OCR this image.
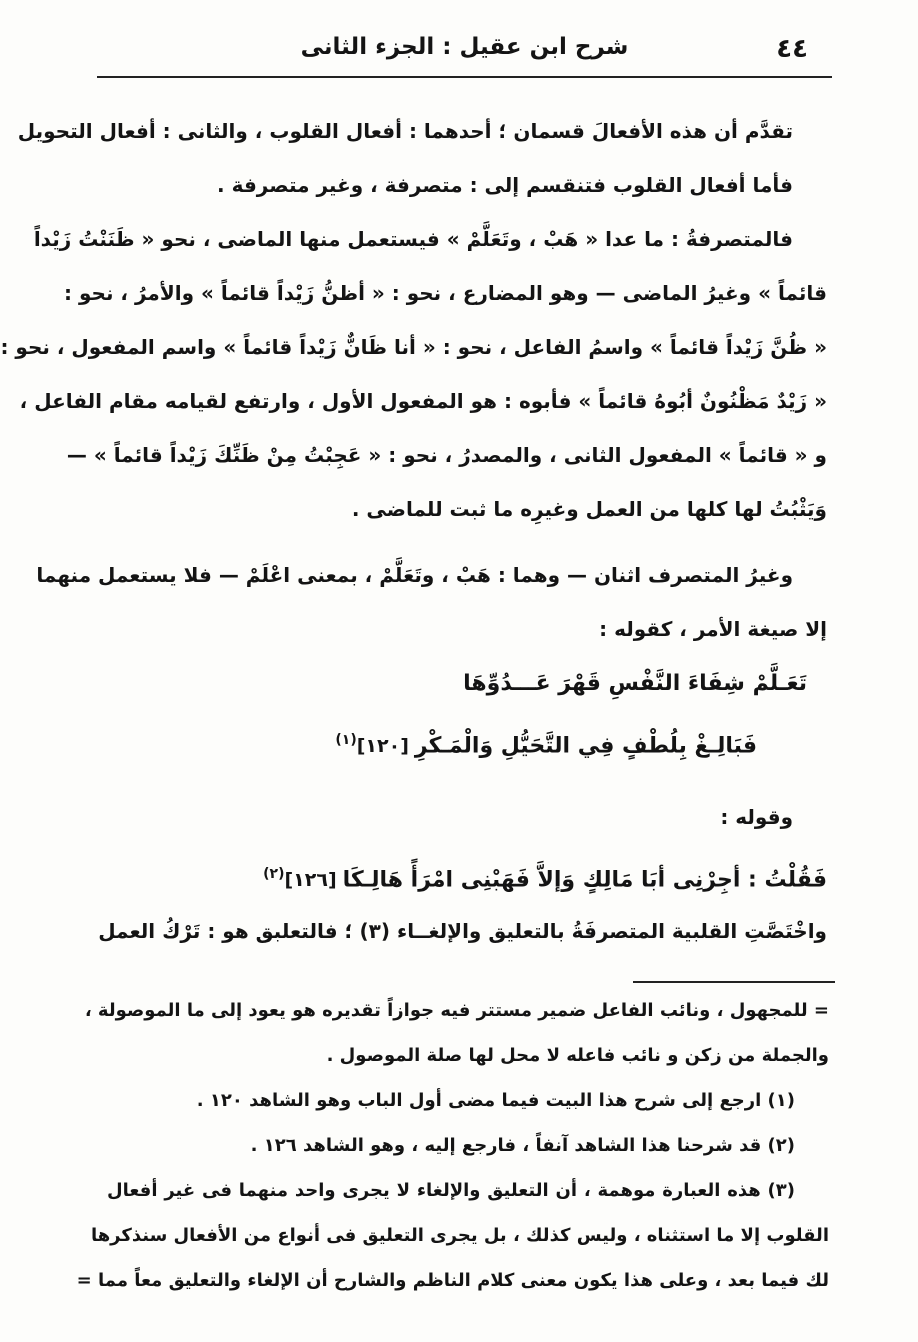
٤٤
شرح ابن عقيل : الجزء الثانى
تقدَّم أن هذه الأفعالَ قسمان ؛ أحدهما : أفعال القلوب ، والثانى : أفعال التحويل
فأما أفعال القلوب فتنقسم إلى : متصرفة ، وغير متصرفة .
فالمتصرفةُ : ما عدا « هَبْ ، وتَعَلَّمْ » فيستعمل منها الماضى ، نحو « ظَنَنْتُ زَيْداً
قائماً » وغيرُ الماضى — وهو المضارع ، نحو : « أظنُّ زَيْداً قائماً » والأمرُ ، نحو :
« ظُنَّ زَيْداً قائماً » واسمُ الفاعل ، نحو : « أنا ظَانٌّ زَيْداً قائماً » واسم المفعول ، نحو :
« زَيْدٌ مَظْنُونٌ أبُوهُ قائماً » فأبوه : هو المفعول الأول ، وارتفع لقيامه مقام الفاعل ،
و « قائماً » المفعول الثانى ، والمصدرُ ، نحو : « عَجِبْتُ مِنْ ظَنِّكَ زَيْداً قائماً » —
وَيَثْبُتُ لها كلها من العمل وغيرِه ما ثبت للماضى .
وغيرُ المتصرف اثنان — وهما : هَبْ ، وتَعَلَّمْ ، بمعنى اعْلَمْ — فلا يستعمل منهما
إلا صيغة الأمر ، كقوله :
تَعَـلَّمْ شِفَاءَ النَّفْسِ قَهْرَ عَـــدُوِّهَا
فَبَالِـغْ بِلُطْفٍ فِي التَّحَيُّلِ وَالْمَـكْرِ[١٢٠]$^{(١)}$
وقوله :
فَقُلْتُ : أجِرْنِى أبَا مَالِكٍ وَإلاَّ فَهَبْنِى امْرَأً هَالِـكَا[١٢٦]$^{(٢)}$
واخْتَصَّتِ القلبية المتصرفَةُ بالتعليق والإلغــاء (٣) ؛ فالتعلبق هو : تَرْكُ العمل
= للمجهول ، ونائب الفاعل ضمير مستتر فيه جوازاً تقديره هو يعود إلى ما الموصولة ،
والجملة من زكن و نائب فاعله لا محل لها صلة الموصول .
(١) ارجع إلى شرح هذا البيت فيما مضى أول الباب وهو الشاهد ١٢٠ .
(٢) قد شرحنا هذا الشاهد آنفاً ، فارجع إليه ، وهو الشاهد ١٢٦ .
(٣) هذه العبارة موهمة ، أن التعليق والإلغاء لا يجرى واحد منهما فى غير أفعال
القلوب إلا ما استثناه ، وليس كذلك ، بل يجرى التعليق فى أنواع من الأفعال سنذكرها
لك فيما بعد ، وعلى هذا يكون معنى كلام الناظم والشارح أن الإلغاء والتعليق معاً مما =
